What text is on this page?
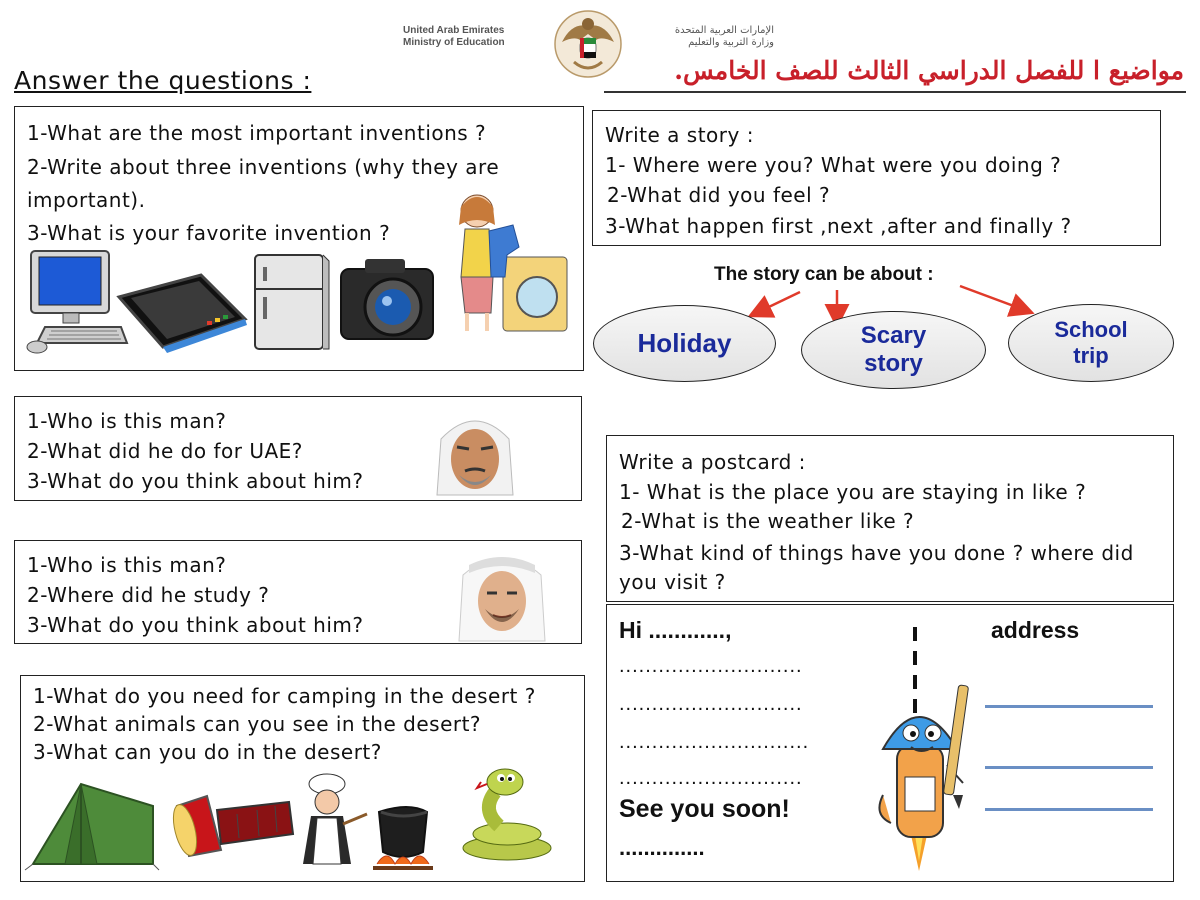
United Arab Emirates
Ministry of Education
الإمارات العربية المتحدة
وزارة التربية والتعليم
مواضيع ا للفصل الدراسي الثالث للصف الخامس.
Answer the questions :
1-What are the most important inventions ?
2-Write about three inventions (why they are
important).
3-What is your favorite invention ?
Write a story :
1- Where were you? What were you doing ?
2-What did you feel ?
3-What happen first ,next ,after and finally ?
The story can be about :
Holiday	Scary story
School trip
1-Who is this man?
2-What did he do for UAE?
3-What do you think about him?
Write a postcard :
1- What is the place you are staying in like ?
2-What is the weather like ?
3-What kind of things have you done ? where did
you visit ?
1-Who is this man?
2-Where did he study ?
3-What do you think about him?	Hi ............,	address
............................
............................
.............................
............................
See you soon!
..............
1-What do you need for camping in the desert ?
2-What animals can you see in the desert?
3-What can you do in the desert?
